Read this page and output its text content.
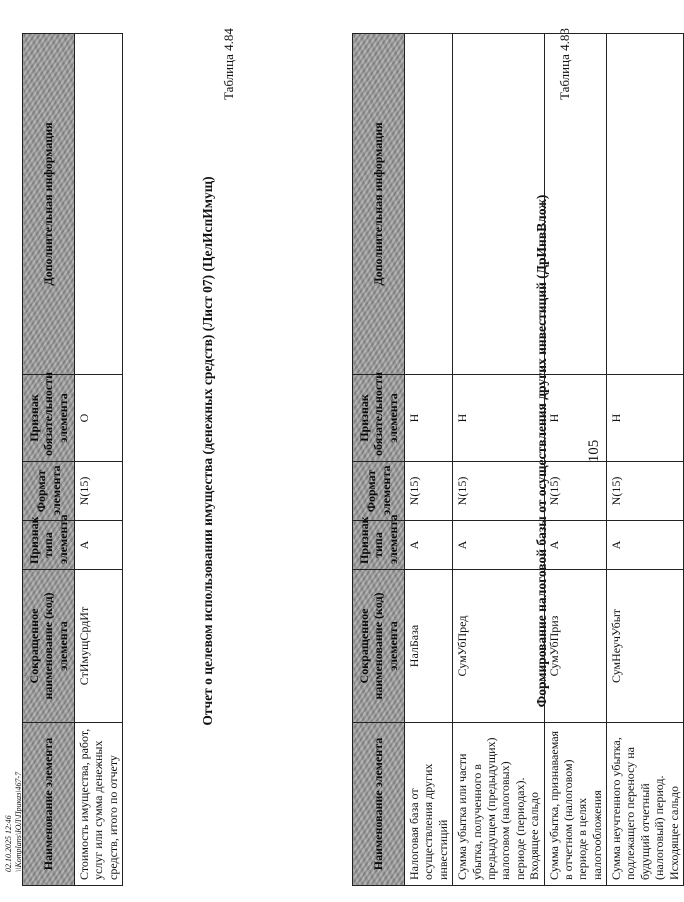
105
Таблица 4.83
Формирование налоговой базы от осуществления других инвестиций (ДрИнвВлож)
Наименование элемента	Сокращенное наименование (код) элемента	Признак типа элемента	Формат элемента	Признак обязательности элемента	Дополнительная информация
Налоговая база от осуществления других инвестиций	НалБаза	А	N(15)	Н	
Сумма убытка или части убытка, полученного в предыдущем (предыдущих) налоговом (налоговых) периоде (периодах). Входящее сальдо	СумУбПред	А	N(15)	Н	
Сумма убытка, признаваемая в отчетном (налоговом) периоде в целях налогообложения	СумУбПриз	А	N(15)	Н	
Сумма неучтенного убытка, подлежащего переносу на будущий отчетный (налоговый) период. Исходящее сальдо	СумНеучУбыт	А	N(15)	Н	
Таблица 4.84
Отчет о целевом использовании имущества (денежных средств) (Лист 07) (ЦелИспИмущ)
Наименование элемента	Сокращенное наименование (код) элемента	Признак типа элемента	Формат элемента	Признак обязательности элемента	Дополнительная информация
Стоимость имущества, работ, услуг или сумма денежных средств, итого по отчету	СтИмущСрдИт	А	N(15)	О	
02.10.2025 12:46 \\Komplans\ЮЛ\Приказ\467-7
